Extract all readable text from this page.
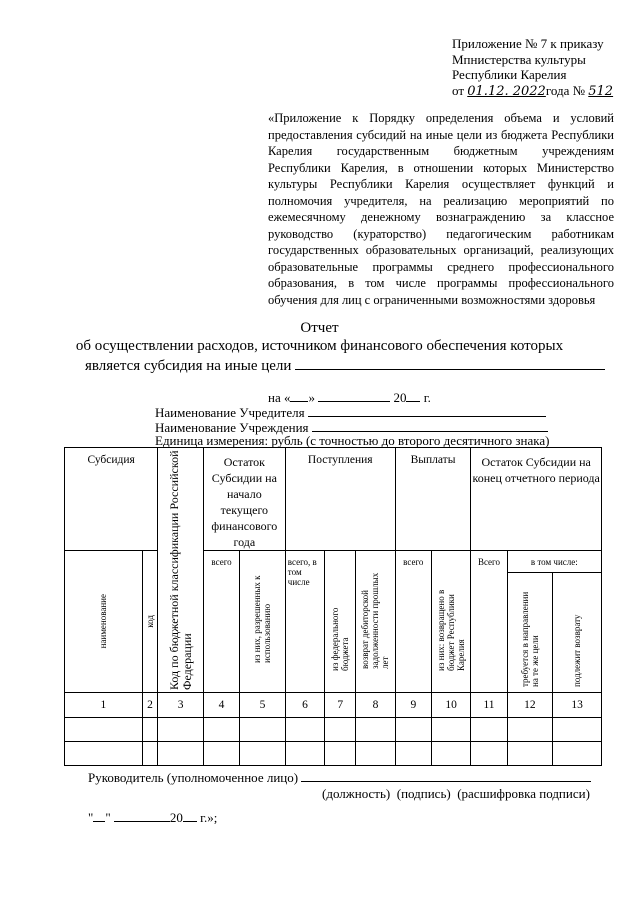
Приложение № 7 к приказу
Мпнистерства культуры
Республики Карелия
от 01.12. 2022года № 512
«Приложение к Порядку определения объема и условий предоставления субсидий на иные цели из бюджета Республики Карелия государственным бюджетным учреждениям Республики Карелия, в отношении которых Министерство культуры Республики Карелия осуществляет функций и полномочия учредителя, на реализацию мероприятий по ежемесячному денежному вознаграждению за классное руководство (кураторство) педагогическим работникам государственных образовательных организаций, реализующих образовательные программы среднего профессионального образования, в том числе программы профессионального обучения для лиц с ограниченными возможностями здоровья
Отчет
об осуществлении расходов, источником финансового обеспечения которых
является субсидия на иные цели
на « »	20 г.
Наименование Учредителя
Наименование Учреждения
Единица измерения: рубль (с точностью до второго десятичного знака)
Субсидия		Код по бюджетной классификации Российской Федерации	Остаток Субсидии на начало текущего финансового года		Поступления			Выплаты		Остаток Субсидии на конец отчетного периода		

наименование	код		всего	из них, разрешенных к использованию	всего, в том числе	из федерального бюджета	возврат дебиторской задолженности прошлых лет	всего	из них: возвращено в бюджет Республики Карелия	Всего	в том числе:	

											требуется в направлении на те же цели	подлежит возврату

1	2	3	4	5	6	7	8	9	10	11	12	13

Руководитель (уполномоченное лицо)
(должность) (подпись) (расшифровка подписи)
" "	20 г.»;
